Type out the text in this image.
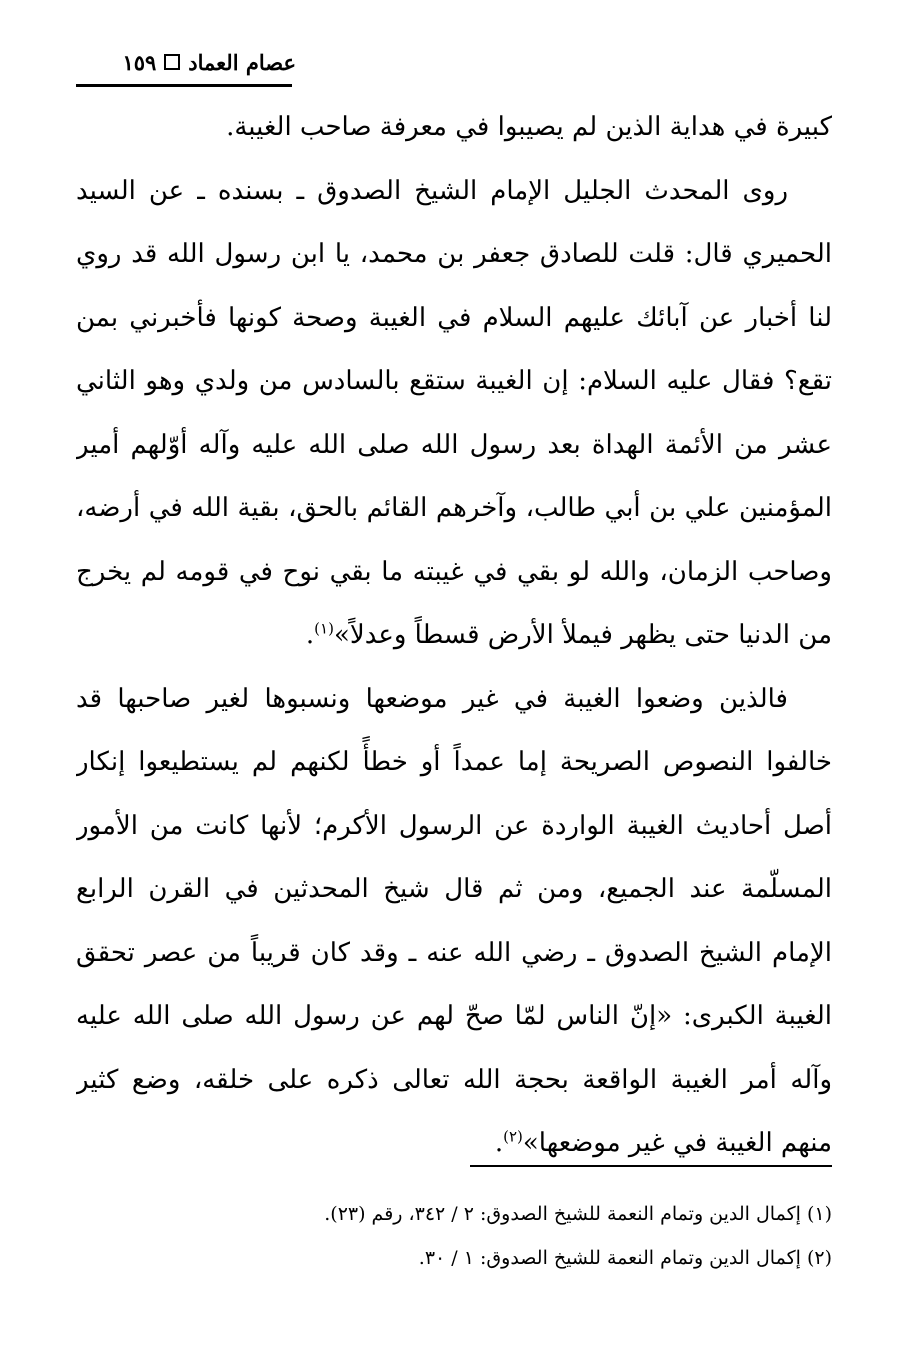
عصام العماد
١٥٩
كبيرة في هداية الذين لم يصيبوا في معرفة صاحب الغيبة.
روى المحدث الجليل الإمام الشيخ الصدوق ـ بسنده ـ عن السيد
الحميري قال: قلت للصادق جعفر بن محمد، يا ابن رسول الله قد روي
لنا أخبار عن آبائك عليهم السلام في الغيبة وصحة كونها فأخبرني بمن
تقع؟ فقال عليه السلام: إن الغيبة ستقع بالسادس من ولدي وهو الثاني
عشر من الأئمة الهداة بعد رسول الله صلى الله عليه وآله أوّلهم أمير
المؤمنين علي بن أبي طالب، وآخرهم القائم بالحق، بقية الله في أرضه،
وصاحب الزمان، والله لو بقي في غيبته ما بقي نوح في قومه لم يخرج
من الدنيا حتى يظهر فيملأ الأرض قسطاً وعدلاً»$^{(١)}$.
فالذين وضعوا الغيبة في غير موضعها ونسبوها لغير صاحبها قد
خالفوا النصوص الصريحة إما عمداً أو خطأً لكنهم لم يستطيعوا إنكار
أصل أحاديث الغيبة الواردة عن الرسول الأكرم؛ لأنها كانت من الأمور
المسلّمة عند الجميع، ومن ثم قال شيخ المحدثين في القرن الرابع
الإمام الشيخ الصدوق ـ رضي الله عنه ـ وقد كان قريباً من عصر تحقق
الغيبة الكبرى: «إنّ الناس لمّا صحّ لهم عن رسول الله صلى الله عليه
وآله أمر الغيبة الواقعة بحجة الله تعالى ذكره على خلقه، وضع كثير
منهم الغيبة في غير موضعها»$^{(٢)}$.
(١) إكمال الدين وتمام النعمة للشيخ الصدوق: ٢ / ٣٤٢، رقم (٢٣).
(٢) إكمال الدين وتمام النعمة للشيخ الصدوق: ١ / ٣٠.
